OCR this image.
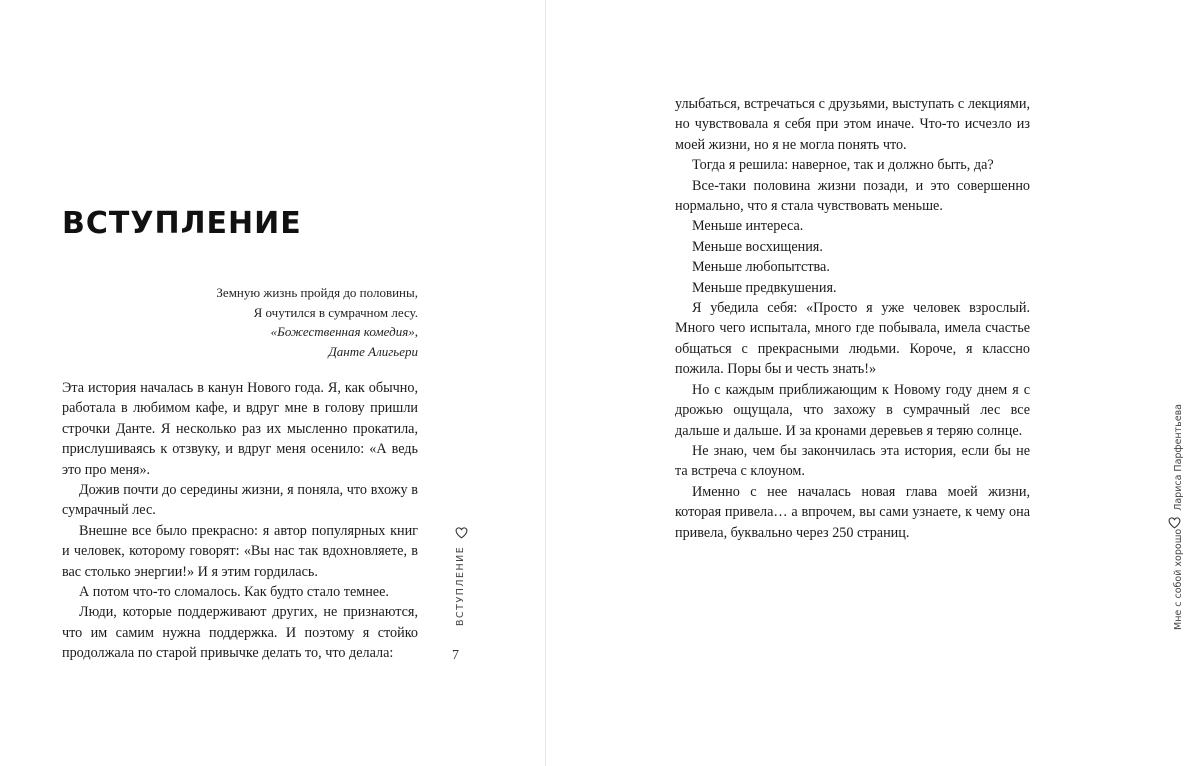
ВСТУПЛЕНИЕ
Земную жизнь пройдя до половины,
Я очутился в сумрачном лесу.
«Божественная комедия»,
Данте Алигьери

Эта история началась в канун Нового года. Я, как обычно, работала в любимом кафе, и вдруг мне в голову пришли строчки Данте. Я несколько раз их мысленно прокатила, прислушиваясь к отзвуку, и вдруг меня осенило: «А ведь это про меня».

Дожив почти до середины жизни, я поняла, что вхожу в сумрачный лес.

Внешне все было прекрасно: я автор популярных книг и человек, которому говорят: «Вы нас так вдохновляете, в вас столько энергии!» И я этим гордилась.

А потом что-то сломалось. Как будто стало темнее.

Люди, которые поддерживают других, не признаются, что им самим нужна поддержка. И поэтому я стойко продолжала по старой привычке делать то, что делала:

ВСТУПЛЕНИЕ
7
Мне с собой хорошоЛариса Парфентьева

улыбаться, встречаться с друзьями, выступать с лекциями, но чувствовала я себя при этом иначе. Что-то исчезло из моей жизни, но я не могла понять что.

Тогда я решила: наверное, так и должно быть, да?

Все-таки половина жизни позади, и это совершенно нормально, что я стала чувствовать меньше.

Меньше интереса.

Меньше восхищения.

Меньше любопытства.

Меньше предвкушения.

Я убедила себя: «Просто я уже человек взрослый. Много чего испытала, много где побывала, имела счастье общаться с прекрасными людьми. Короче, я классно пожила. Поры бы и честь знать!»

Но с каждым приближающим к Новому году днем я с дрожью ощущала, что захожу в сумрачный лес все дальше и дальше. И за кронами деревьев я теряю солнце.

Не знаю, чем бы закончилась эта история, если бы не та встреча с клоуном.

Именно с нее началась новая глава моей жизни, которая привела… а впрочем, вы сами узнаете, к чему она привела, буквально через 250 страниц.
